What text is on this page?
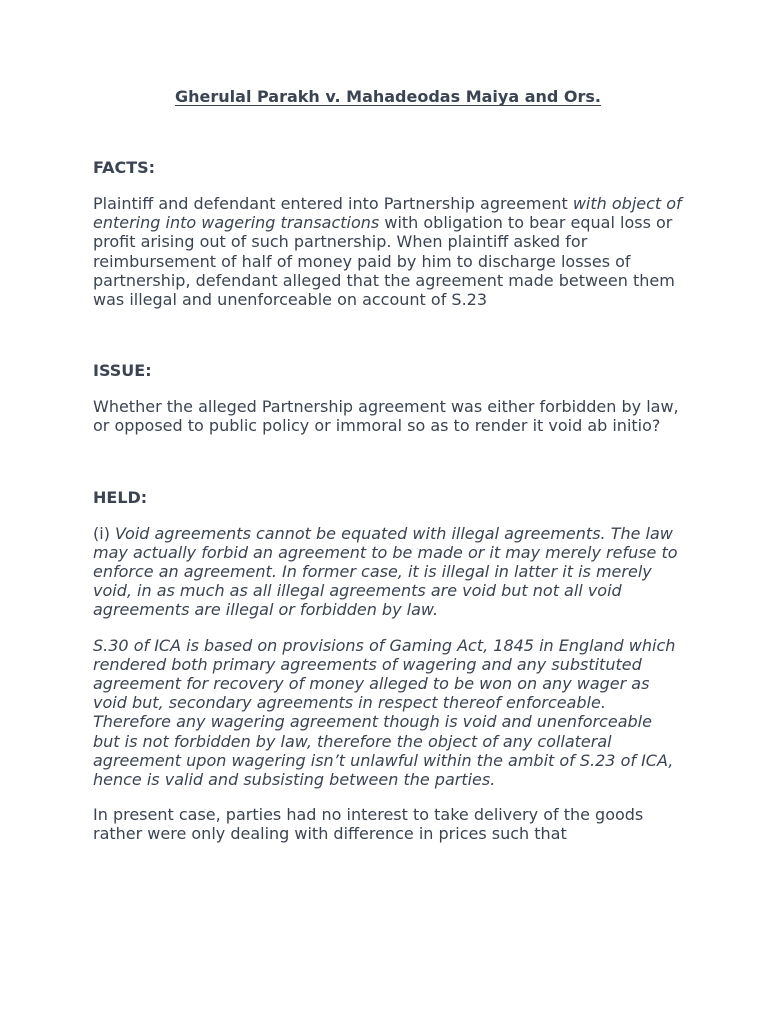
Gherulal Parakh v. Mahadeodas Maiya and Ors.

FACTS:

Plaintiff and defendant entered into Partnership agreement with object of entering into wagering transactions with obligation to bear equal loss or profit arising out of such partnership. When plaintiff asked for reimbursement of half of money paid by him to discharge losses of partnership, defendant alleged that the agreement made between them was illegal and unenforceable on account of S.23

ISSUE:

Whether the alleged Partnership agreement was either forbidden by law, or opposed to public policy or immoral so as to render it void ab initio?

HELD:

(i) Void agreements cannot be equated with illegal agreements. The law may actually forbid an agreement to be made or it may merely refuse to enforce an agreement. In former case, it is illegal in latter it is merely void, in as much as all illegal agreements are void but not all void agreements are illegal or forbidden by law.

S.30 of ICA is based on provisions of Gaming Act, 1845 in England which rendered both primary agreements of wagering and any substituted agreement for recovery of money alleged to be won on any wager as void but, secondary agreements in respect thereof enforceable. Therefore any wagering agreement though is void and unenforceable but is not forbidden by law, therefore the object of any collateral agreement upon wagering isn’t unlawful within the ambit of S.23 of ICA, hence is valid and subsisting between the parties.

In present case, parties had no interest to take delivery of the goods rather were only dealing with difference in prices such that
